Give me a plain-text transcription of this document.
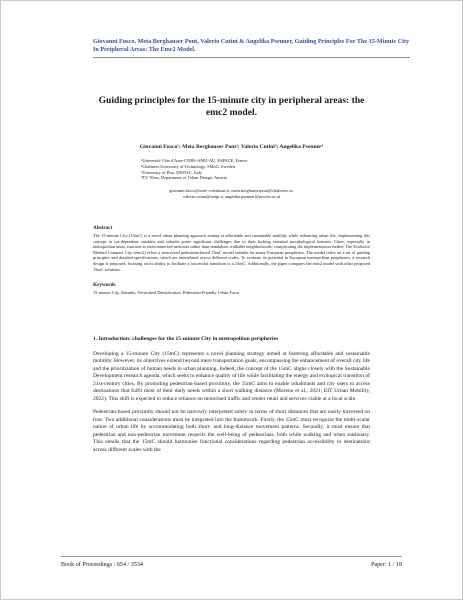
Giovanni Fusco, Meta Berghauser Pont, Valerio Cutini & Angelika Psenner, Guiding Principles For The 15-Minute City In Peripheral Areas: The Emc2 Model.
Guiding principles for the 15-minute city in peripheral areas: the emc2 model.
Giovanni Fusco¹; Meta Berghauser Pont²; Valerio Cutini³; Angelika Psenner⁴
¹Université Côte d'Azur-CNRS-AMU-AU, ESPACE, France
²Chalmers University of Technology, SMoG, Sweden
³University of Pisa, DESTeC, Italy
⁴TU Wien, Department of Urban Design, Austria
giovanni.fusco@univ-cotedazur.fr, meta.berghauserpont@chalmers.se,
valerio.cutini@unipi.it, angelika.psenner@tuwien.ac.at
Abstract
The 15-minute City (15mC) is a novel urban planning approach aiming at affordable and sustainable mobility while enhancing urban life. Implementing this concept in car-dependent outskirts and suburbs poses significant challenges due to their lacking essential morphological features. Cities, especially in metropolitan areas, function as interconnected networks rather than standalone walkable neighborhoods, complicating the implementation further. The Evolutive Meshed Compact City (emc2) offers a networked pedestrian-based 15mC model suitable for many European peripheries. The model relies on a set of guiding principles and detailed specifications, which are interrelated across different scales. To evaluate its potential in European metropolitan peripheries, a research design is proposed, focusing on its ability to facilitate a successful transition to a 15mC. Additionally, the paper compares the emc2 model with other proposed 15mC solutions.
Keywords
15-minute City, Suburbs, Networked Densification, Pedestrian-Friendly Urban Form
1. Introduction: challenges for the 15-minute City in metropolitan peripheries

Developing a 15-minute City (15mC) represents a novel planning strategy aimed at fostering affordable and sustainable mobility. However, its objectives extend beyond mere transportation goals, encompassing the enhancement of overall city life and the prioritization of human needs in urban planning. Indeed, the concept of the 15mC aligns closely with the Sustainable Development research agenda, which seeks to enhance quality of life while facilitating the energy and ecological transition of 21st-century cities. By promoting pedestrian-based proximity, the 15mC aims to enable inhabitants and city users to access destinations that fulfil most of their daily needs within a short walking distance (Moreno et al., 2021; EIT Urban Mobility, 2022). This shift is expected to reduce reliance on motorised traffic and render retail and services viable at a local scale.

Pedestrian-based proximity should not be narrowly interpreted solely in terms of short distances that are easily traversed on foot. Two additional considerations must be integrated into the framework. Firstly, the 15mC must recognize the multi-scalar nature of urban life by accommodating both short- and long-distance movement patterns. Secondly, it must ensure that pedestrian and non-pedestrian movement respects the well-being of pedestrians, both while walking and when stationary. This entails that the 15mC should harmonise functional considerations regarding pedestrian accessibility to destinations across different scales with the

Book of Proceedings : 654 / 3534	Paper: 1 / 18
